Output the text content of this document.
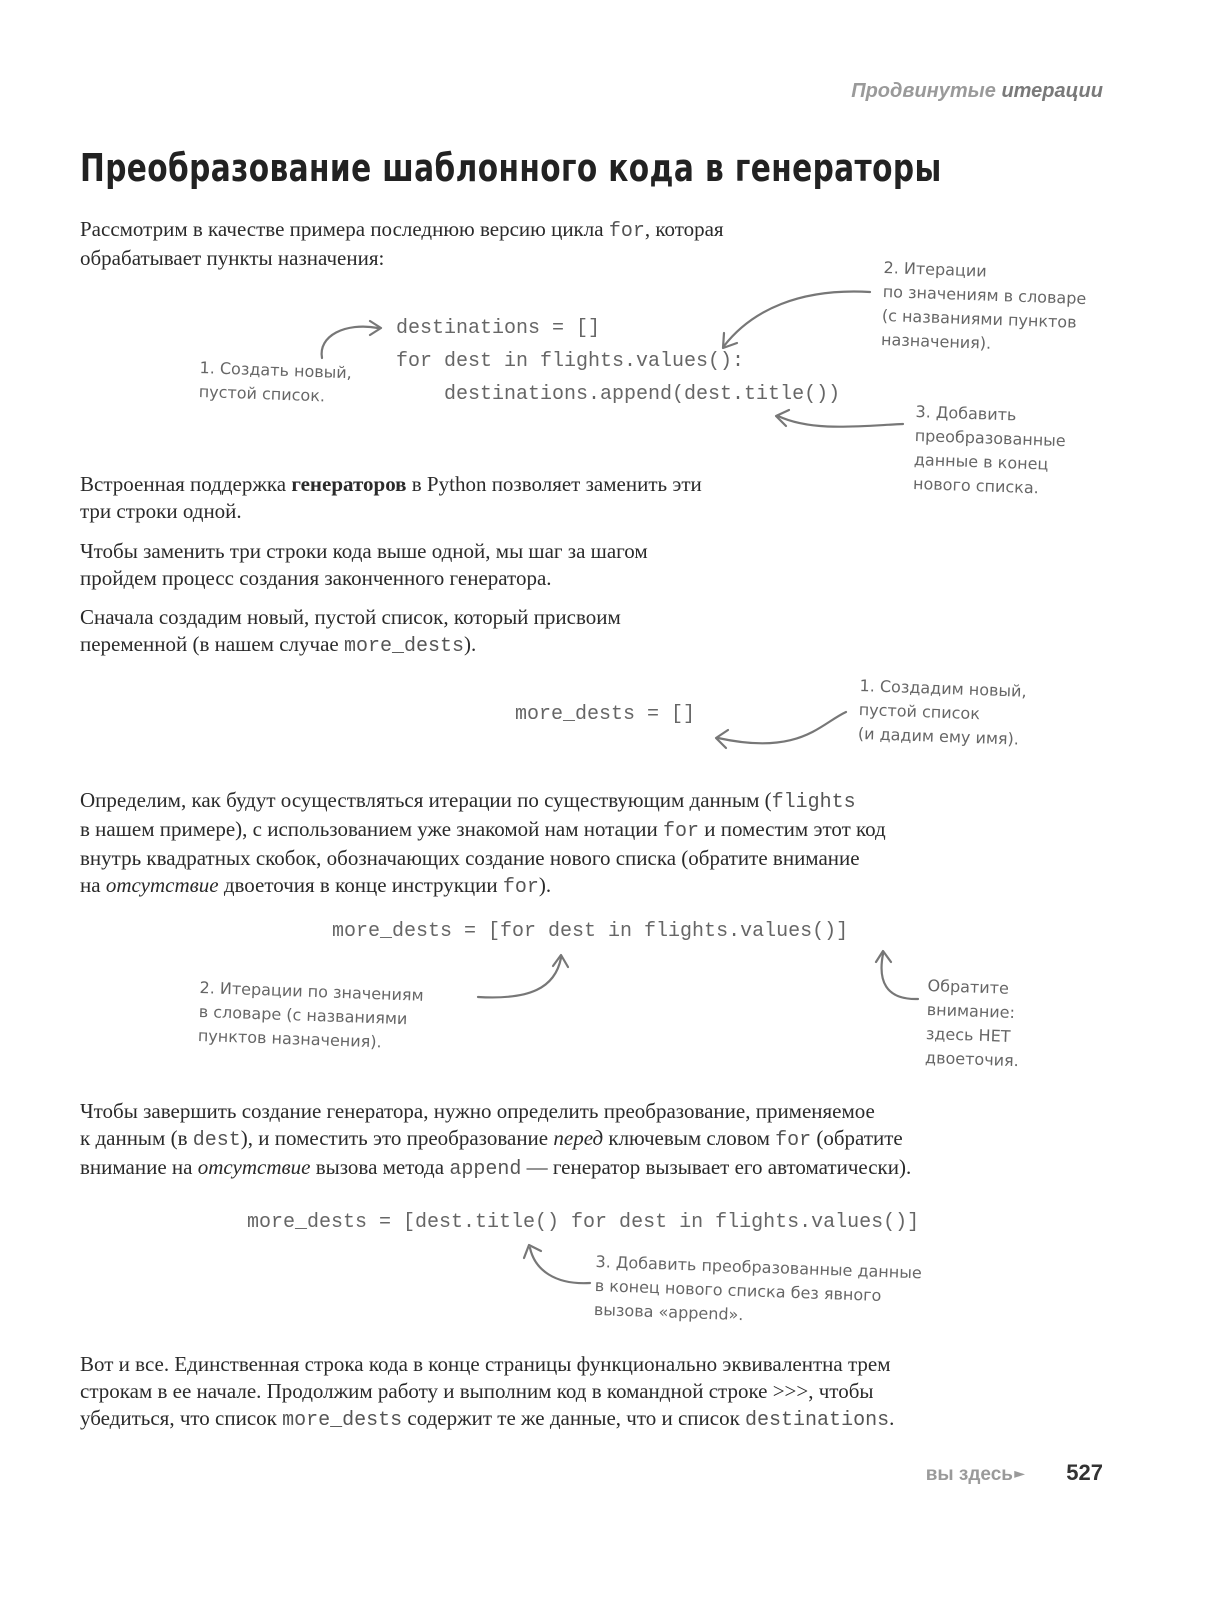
Продвинутые итерации
Преобразование шаблонного кода в генераторы
Рассмотрим в качестве примера последнюю версию цикла for, которая
обрабатывает пункты назначения:
destinations = []
for dest in flights.values():
destinations.append(dest.title())
1. Создать новый,
пустой список.
2. Итерации
по значениям в словаре
(с названиями пунктов
назначения).
3. Добавить
преобразованные
данные в конец
нового списка.
Встроенная поддержка генераторов в Python позволяет заменить эти
три строки одной.
Чтобы заменить три строки кода выше одной, мы шаг за шагом
пройдем процесс создания законченного генератора.
Сначала создадим новый, пустой список, который присвоим
переменной (в нашем случае more_dests).
more_dests = []
1. Создадим новый,
пустой список
(и дадим ему имя).
Определим, как будут осуществляться итерации по существующим данным (flights
в нашем примере), с использованием уже знакомой нам нотации for и поместим этот код
внутрь квадратных скобок, обозначающих создание нового списка (обратите внимание
на отсутствие двоеточия в конце инструкции for).
more_dests = [for dest in flights.values()]
2. Итерации по значениям
в словаре (с названиями
пунктов назначения).
Обратите
внимание:
здесь НЕТ
двоеточия.
Чтобы завершить создание генератора, нужно определить преобразование, применяемое
к данным (в dest), и поместить это преобразование перед ключевым словом for (обратите
внимание на отсутствие вызова метода append — генератор вызывает его автоматически).
more_dests = [dest.title() for dest in flights.values()]
3. Добавить преобразованные данные
в конец нового списка без явного
вызова «append».
Вот и все. Единственная строка кода в конце страницы функционально эквивалентна трем
строкам в ее начале. Продолжим работу и выполним код в командной строке >>>, чтобы
убедиться, что список more_dests содержит те же данные, что и список destinations.
вы здесь ► 527
